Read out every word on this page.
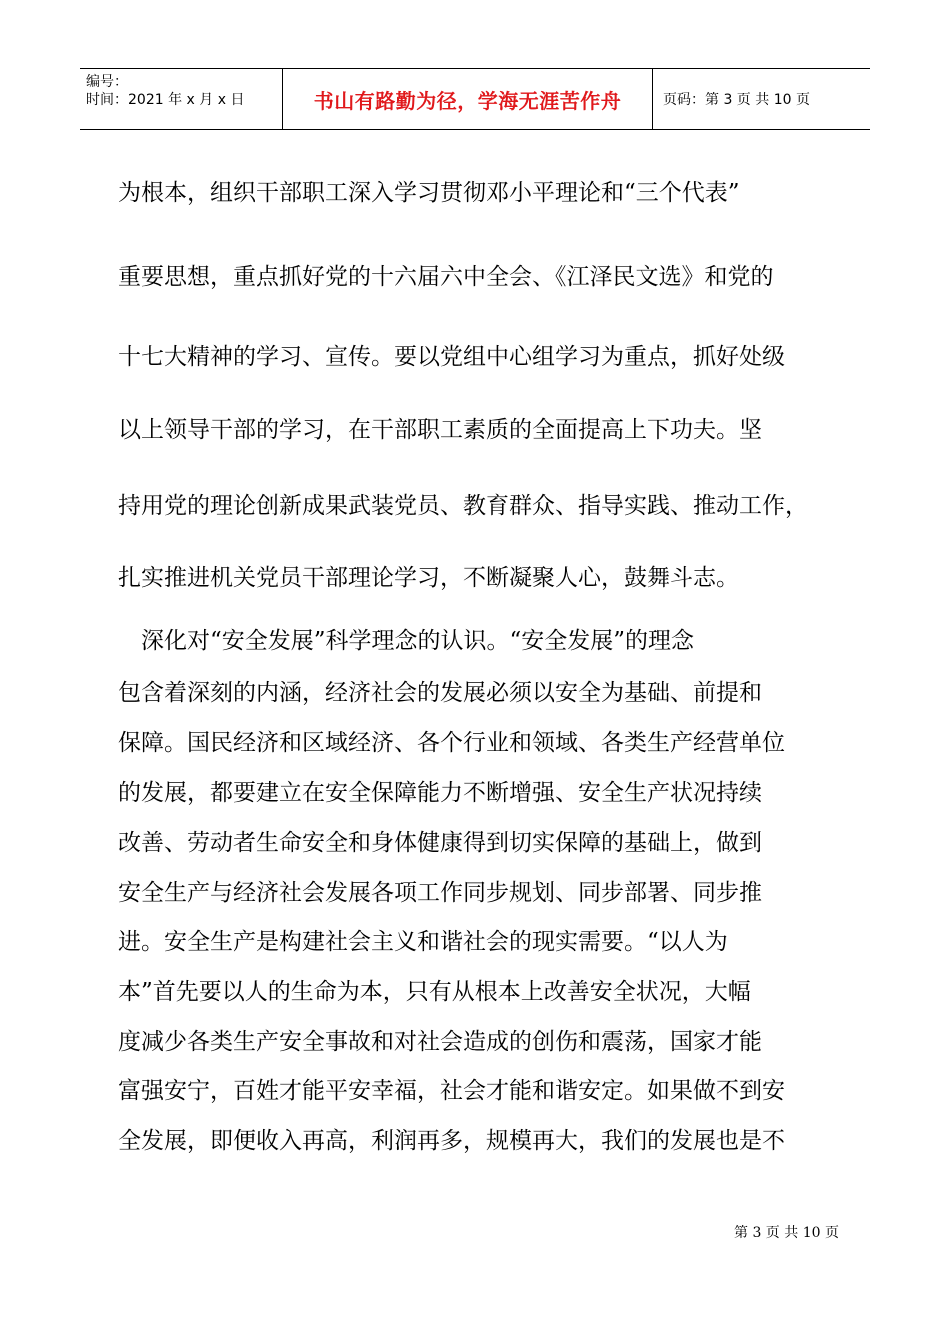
编号：
时间：2021 年 x 月 x 日	书山有路勤为径，学海无涯苦作舟	页码：第 3 页 共 10 页
为根本，组织干部职工深入学习贯彻邓小平理论和“三个代表”
重要思想，重点抓好党的十六届六中全会、《江泽民文选》和党的
十七大精神的学习、宣传。要以党组中心组学习为重点，抓好处级
以上领导干部的学习，在干部职工素质的全面提高上下功夫。坚
持用党的理论创新成果武装党员、教育群众、指导实践、推动工作，
扎实推进机关党员干部理论学习，不断凝聚人心，鼓舞斗志。
　深化对“安全发展”科学理念的认识。“安全发展”的理念
包含着深刻的内涵，经济社会的发展必须以安全为基础、前提和
保障。国民经济和区域经济、各个行业和领域、各类生产经营单位
的发展，都要建立在安全保障能力不断增强、安全生产状况持续
改善、劳动者生命安全和身体健康得到切实保障的基础上，做到
安全生产与经济社会发展各项工作同步规划、同步部署、同步推
进。安全生产是构建社会主义和谐社会的现实需要。“以人为
本”首先要以人的生命为本，只有从根本上改善安全状况，大幅
度减少各类生产安全事故和对社会造成的创伤和震荡，国家才能
富强安宁，百姓才能平安幸福，社会才能和谐安定。如果做不到安
全发展，即便收入再高，利润再多，规模再大，我们的发展也是不
第 3 页 共 10 页
